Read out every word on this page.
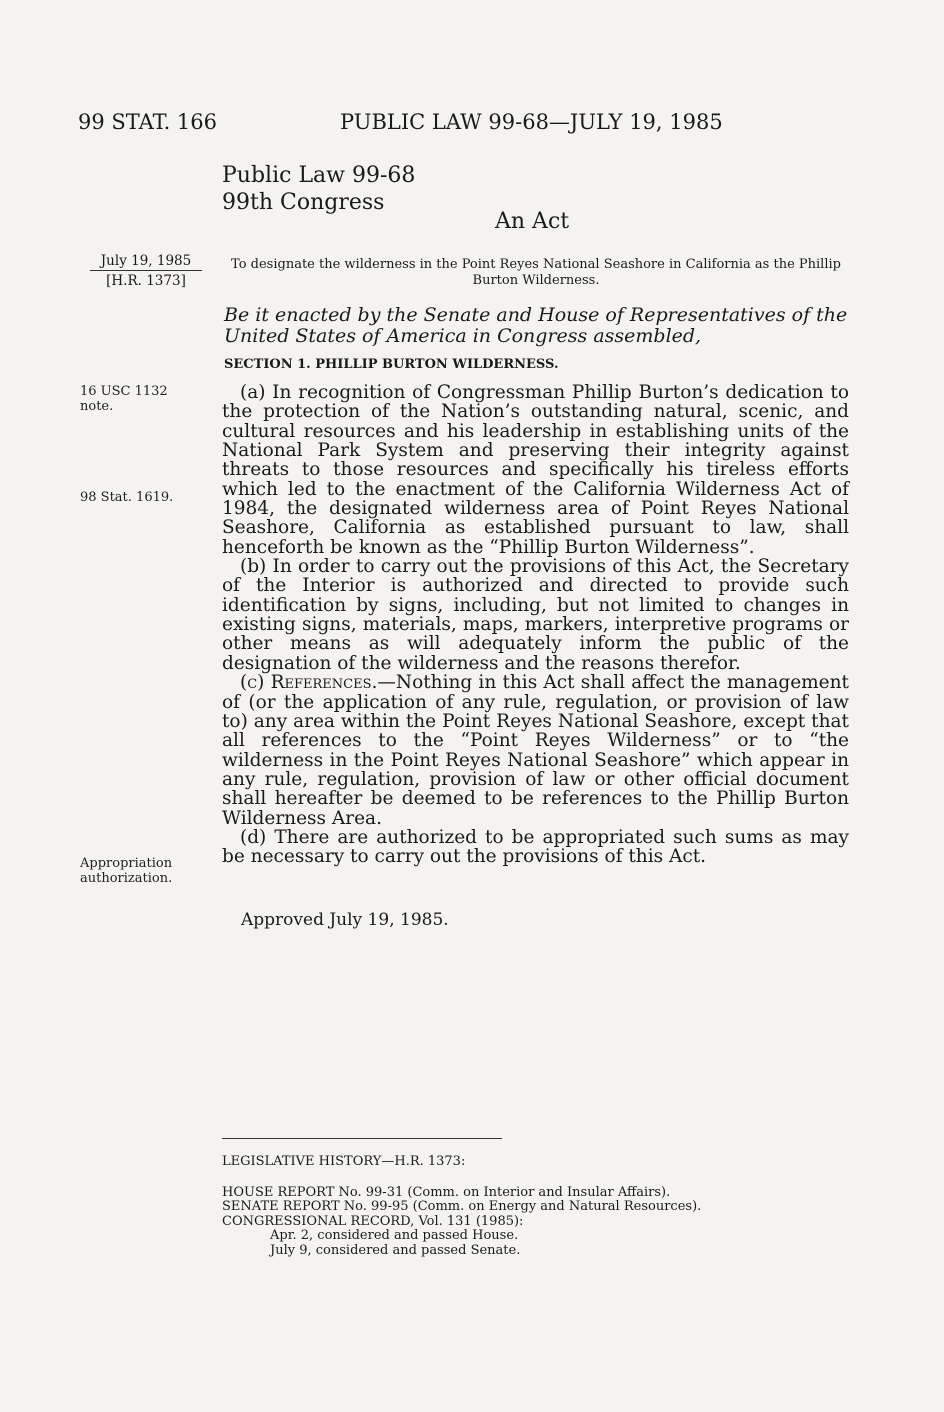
99 STAT. 166	PUBLIC LAW 99-68—JULY 19, 1985
Public Law 99-68
99th Congress
An Act
July 19, 1985
[H.R. 1373]
To designate the wilderness in the Point Reyes National Seashore in California as the Phillip Burton Wilderness.
Be it enacted by the Senate and House of Representatives of the United States of America in Congress assembled,
SECTION 1. PHILLIP BURTON WILDERNESS.
16 USC 1132
note.
98 Stat. 1619.
Appropriation
authorization.

(a) In recognition of Congressman Phillip Burton’s dedication to the protection of the Nation’s outstanding natural, scenic, and cultural resources and his leadership in establishing units of the National Park System and preserving their integrity against threats to those resources and specifically his tireless efforts which led to the enactment of the California Wilderness Act of 1984, the designated wilderness area of Point Reyes National Seashore, California as established pursuant to law, shall henceforth be known as the “Phillip Burton Wilderness”.

(b) In order to carry out the provisions of this Act, the Secretary of the Interior is authorized and directed to provide such identification by signs, including, but not limited to changes in existing signs, materials, maps, markers, interpretive programs or other means as will adequately inform the public of the designation of the wilderness and the reasons therefor.

(c) References.—Nothing in this Act shall affect the management of (or the application of any rule, regulation, or provision of law to) any area within the Point Reyes National Seashore, except that all references to the “Point Reyes Wilderness” or to “the wilderness in the Point Reyes National Seashore” which appear in any rule, regulation, provision of law or other official document shall hereafter be deemed to be references to the Phillip Burton Wilderness Area.

(d) There are authorized to be appropriated such sums as may be necessary to carry out the provisions of this Act.

Approved July 19, 1985.
LEGISLATIVE HISTORY—H.R. 1373:
HOUSE REPORT No. 99-31 (Comm. on Interior and Insular Affairs).
SENATE REPORT No. 99-95 (Comm. on Energy and Natural Resources).
CONGRESSIONAL RECORD, Vol. 131 (1985):
Apr. 2, considered and passed House.
July 9, considered and passed Senate.
